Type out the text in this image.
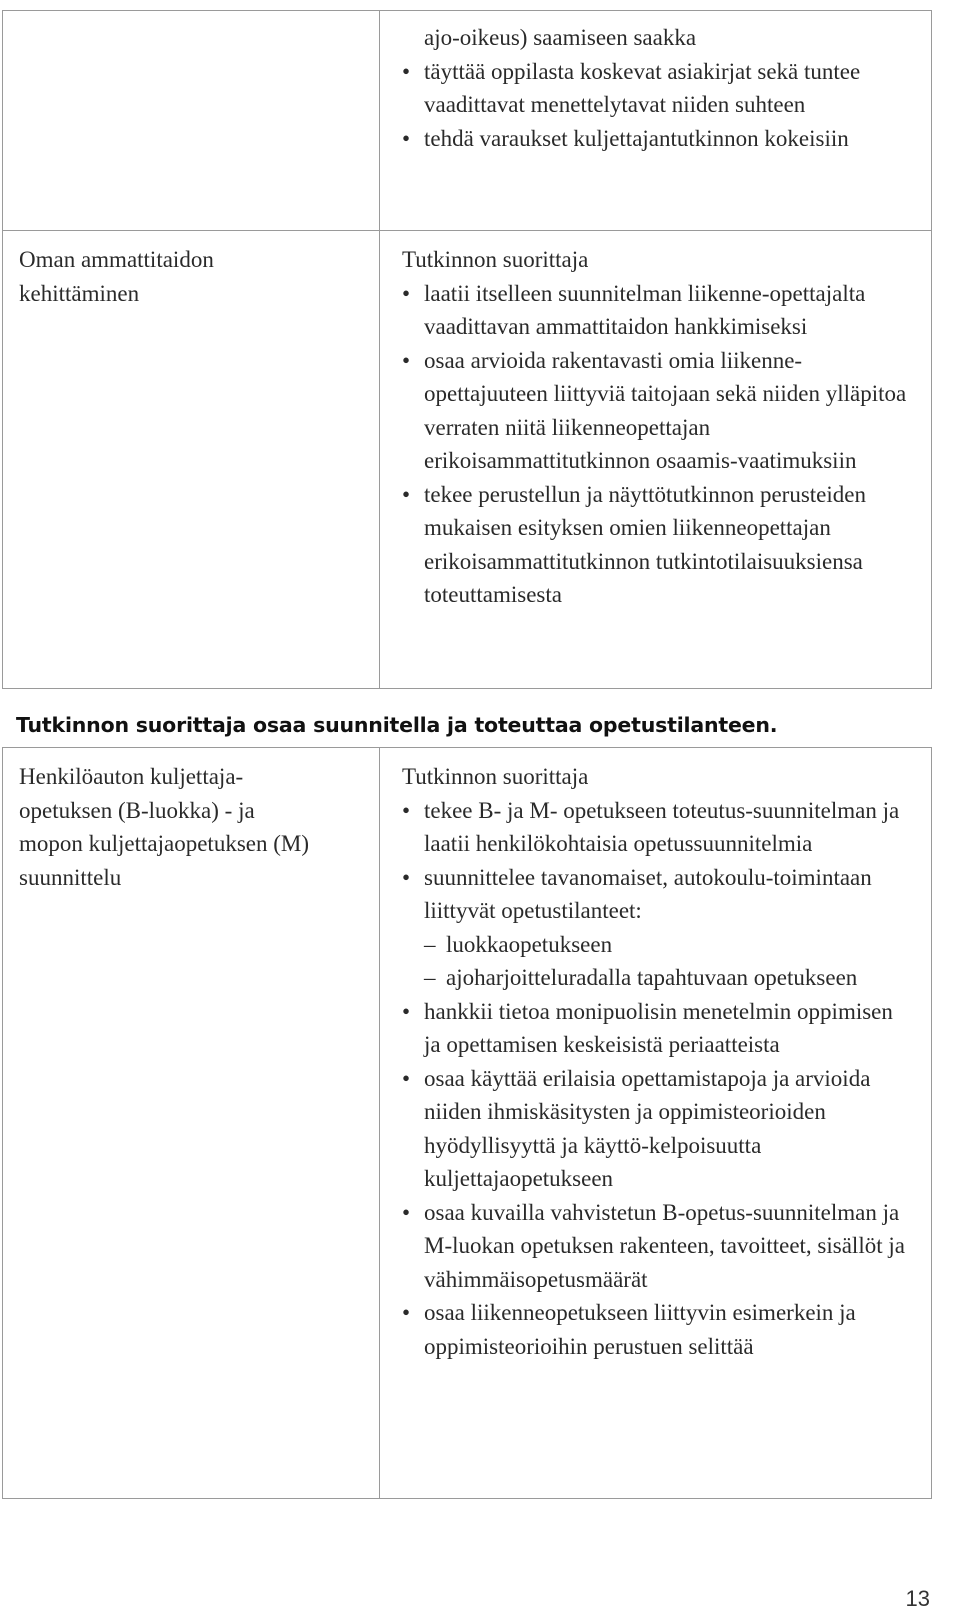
ajo-oikeus) saamiseen saakka
• täyttää oppilasta koskevat asiakirjat sekä tuntee vaadittavat menettelytavat niiden suhteen
• tehdä varaukset kuljettajantutkinnon kokeisiin
Oman ammattitaidon kehittäminen
Tutkinnon suorittaja
• laatii itselleen suunnitelman liikenne-opettajalta vaadittavan ammattitaidon hankkimiseksi
• osaa arvioida rakentavasti omia liikenne-opettajuuteen liittyviä taitojaan sekä niiden ylläpitoa verraten niitä liikenneopettajan erikoisammattitutkinnon osaamis-vaatimuksiin
• tekee perustellun ja näyttötutkinnon perusteiden mukaisen esityksen omien liikenneopettajan erikoisammattitutkinnon tutkintotilaisuuksiensa toteuttamisesta
Tutkinnon suorittaja osaa suunnitella ja toteuttaa opetustilanteen.
Henkilöauton kuljettaja-opetuksen (B-luokka) - ja mopon kuljettajaopetuksen (M) suunnittelu
Tutkinnon suorittaja
• tekee B- ja M- opetukseen toteutus-suunnitelman ja laatii henkilökohtaisia opetussuunnitelmia
• suunnittelee tavanomaiset, autokoulu-toimintaan liittyvät opetustilanteet:
– luokkaopetukseen
– ajoharjoitteluradalla tapahtuvaan opetukseen
• hankkii tietoa monipuolisin menetelmin oppimisen ja opettamisen keskeisistä periaatteista
• osaa käyttää erilaisia opettamistapoja ja arvioida niiden ihmiskäsitysten ja oppimisteorioiden hyödyllisyyttä ja käyttö-kelpoisuutta kuljettajaopetukseen
• osaa kuvailla vahvistetun B-opetus-suunnitelman ja M-luokan opetuksen rakenteen, tavoitteet, sisällöt ja vähimmäisopetusmäärät
• osaa liikenneopetukseen liittyvin esimerkein ja oppimisteorioihin perustuen selittää
13
